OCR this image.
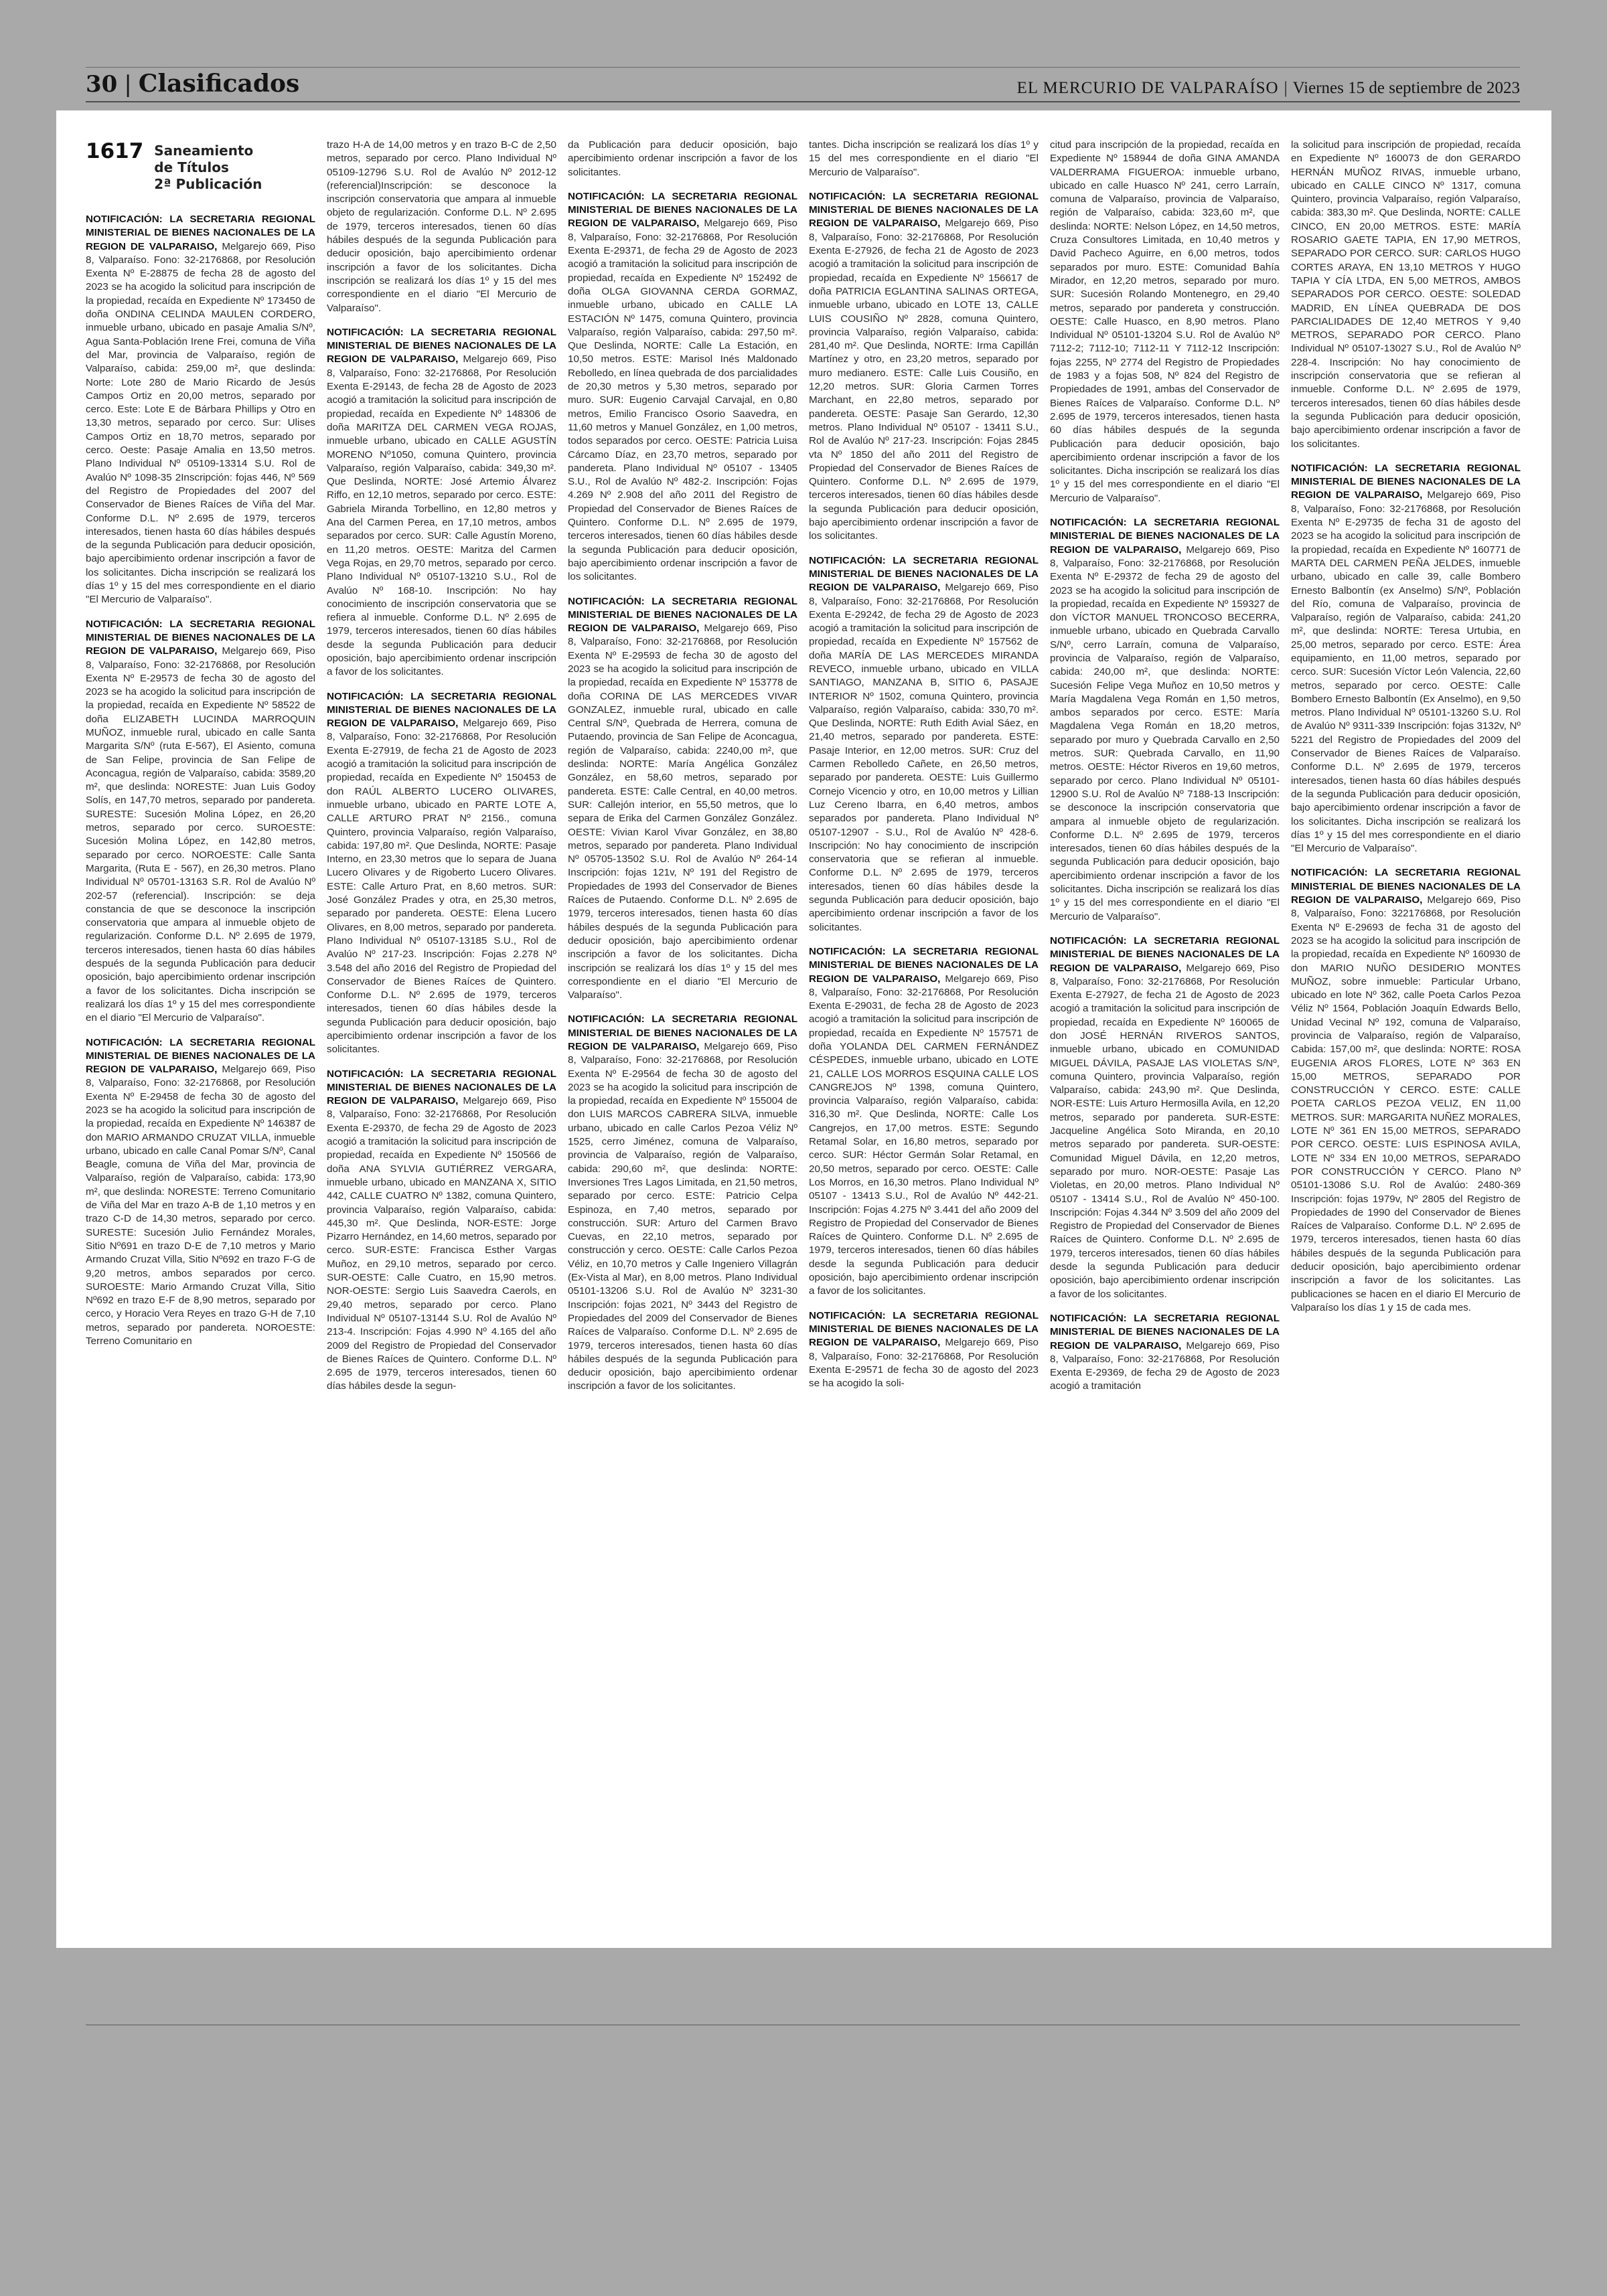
30 | Clasificados	EL MERCURIO DE VALPARAÍSO | Viernes 15 de septiembre de 2023
1617 Saneamiento
de Títulos
2ª Publicación

NOTIFICACIÓN: LA SECRETARIA REGIONAL MINISTERIAL DE BIENES NACIONALES DE LA REGION DE VALPARAISO, Melgarejo 669, Piso 8, Valparaíso. Fono: 32-2176868, por Resolución Exenta Nº E-28875 de fecha 28 de agosto del 2023 se ha acogido la solicitud para inscripción de la propiedad, recaída en Expediente Nº 173450 de doña ONDINA CELINDA MAULEN CORDERO, inmueble urbano, ubicado en pasaje Amalia S/Nº, Agua Santa-Población Irene Frei, comuna de Viña del Mar, provincia de Valparaíso, región de Valparaíso, cabida: 259,00 m², que deslinda: Norte: Lote 280 de Mario Ricardo de Jesús Campos Ortiz en 20,00 metros, separado por cerco. Este: Lote E de Bárbara Phillips y Otro en 13,30 metros, separado por cerco. Sur: Ulises Campos Ortiz en 18,70 metros, separado por cerco. Oeste: Pasaje Amalia en 13,50 metros. Plano Individual Nº 05109-13314 S.U. Rol de Avalúo Nº 1098-35 2Inscripción: fojas 446, Nº 569 del Registro de Propiedades del 2007 del Conservador de Bienes Raíces de Viña del Mar. Conforme D.L. Nº 2.695 de 1979, terceros interesados, tienen hasta 60 días hábiles después de la segunda Publicación para deducir oposición, bajo apercibimiento ordenar inscripción a favor de los solicitantes. Dicha inscripción se realizará los días 1º y 15 del mes correspondiente en el diario "El Mercurio de Valparaíso".

NOTIFICACIÓN: LA SECRETARIA REGIONAL MINISTERIAL DE BIENES NACIONALES DE LA REGION DE VALPARAISO, Melgarejo 669, Piso 8, Valparaíso, Fono: 32-2176868, por Resolución Exenta Nº E-29573 de fecha 30 de agosto del 2023 se ha acogido la solicitud para inscripción de la propiedad, recaída en Expediente Nº 58522 de doña ELIZABETH LUCINDA MARROQUIN MUÑOZ, inmueble rural, ubicado en calle Santa Margarita S/Nº (ruta E-567), El Asiento, comuna de San Felipe, provincia de San Felipe de Aconcagua, región de Valparaíso, cabida: 3589,20 m², que deslinda: NORESTE: Juan Luis Godoy Solís, en 147,70 metros, separado por pandereta. SURESTE: Sucesión Molina López, en 26,20 metros, separado por cerco. SUROESTE: Sucesión Molina López, en 142,80 metros, separado por cerco. NOROESTE: Calle Santa Margarita, (Ruta E - 567), en 26,30 metros. Plano Individual Nº 05701-13163 S.R. Rol de Avalúo Nº 202-57 (referencial). Inscripción: se deja constancia de que se desconoce la inscripción conservatoria que ampara al inmueble objeto de regularización. Conforme D.L. Nº 2.695 de 1979, terceros interesados, tienen hasta 60 días hábiles después de la segunda Publicación para deducir oposición, bajo apercibimiento ordenar inscripción a favor de los solicitantes. Dicha inscripción se realizará los días 1º y 15 del mes correspondiente en el diario "El Mercurio de Valparaíso".

NOTIFICACIÓN: LA SECRETARIA REGIONAL MINISTERIAL DE BIENES NACIONALES DE LA REGION DE VALPARAISO, Melgarejo 669, Piso 8, Valparaíso, Fono: 32-2176868, por Resolución Exenta Nº E-29458 de fecha 30 de agosto del 2023 se ha acogido la solicitud para inscripción de la propiedad, recaída en Expediente Nº 146387 de don MARIO ARMANDO CRUZAT VILLA, inmueble urbano, ubicado en calle Canal Pomar S/Nº, Canal Beagle, comuna de Viña del Mar, provincia de Valparaíso, región de Valparaíso, cabida: 173,90 m², que deslinda: NORESTE: Terreno Comunitario de Viña del Mar en trazo A-B de 1,10 metros y en trazo C-D de 14,30 metros, separado por cerco. SURESTE: Sucesión Julio Fernández Morales, Sitio Nº691 en trazo D-E de 7,10 metros y Mario Armando Cruzat Villa, Sitio Nº692 en trazo F-G de 9,20 metros, ambos separados por cerco. SUROESTE: Mario Armando Cruzat Villa, Sitio Nº692 en trazo E-F de 8,90 metros, separado por cerco, y Horacio Vera Reyes en trazo G-H de 7,10 metros, separado por pandereta. NOROESTE: Terreno Comunitario en

trazo H-A de 14,00 metros y en trazo B-C de 2,50 metros, separado por cerco. Plano Individual Nº 05109-12796 S.U. Rol de Avalúo Nº 2012-12 (referencial)Inscripción: se desconoce la inscripción conservatoria que ampara al inmueble objeto de regularización. Conforme D.L. Nº 2.695 de 1979, terceros interesados, tienen 60 días hábiles después de la segunda Publicación para deducir oposición, bajo apercibimiento ordenar inscripción a favor de los solicitantes. Dicha inscripción se realizará los días 1º y 15 del mes correspondiente en el diario "El Mercurio de Valparaíso".

NOTIFICACIÓN: LA SECRETARIA REGIONAL MINISTERIAL DE BIENES NACIONALES DE LA REGION DE VALPARAISO, Melgarejo 669, Piso 8, Valparaíso, Fono: 32-2176868, Por Resolución Exenta E-29143, de fecha 28 de Agosto de 2023 acogió a tramitación la solicitud para inscripción de propiedad, recaída en Expediente Nº 148306 de doña MARITZA DEL CARMEN VEGA ROJAS, inmueble urbano, ubicado en CALLE AGUSTÍN MORENO Nº1050, comuna Quintero, provincia Valparaíso, región Valparaíso, cabida: 349,30 m². Que Deslinda, NORTE: José Artemio Álvarez Riffo, en 12,10 metros, separado por cerco. ESTE: Gabriela Miranda Torbellino, en 12,80 metros y Ana del Carmen Perea, en 17,10 metros, ambos separados por cerco. SUR: Calle Agustín Moreno, en 11,20 metros. OESTE: Maritza del Carmen Vega Rojas, en 29,70 metros, separado por cerco. Plano Individual Nº 05107-13210 S.U., Rol de Avalúo Nº 168-10. Inscripción: No hay conocimiento de inscripción conservatoria que se refiera al inmueble. Conforme D.L. Nº 2.695 de 1979, terceros interesados, tienen 60 días hábiles desde la segunda Publicación para deducir oposición, bajo apercibimiento ordenar inscripción a favor de los solicitantes.

NOTIFICACIÓN: LA SECRETARIA REGIONAL MINISTERIAL DE BIENES NACIONALES DE LA REGION DE VALPARAISO, Melgarejo 669, Piso 8, Valparaíso, Fono: 32-2176868, Por Resolución Exenta E-27919, de fecha 21 de Agosto de 2023 acogió a tramitación la solicitud para inscripción de propiedad, recaída en Expediente Nº 150453 de don RAÚL ALBERTO LUCERO OLIVARES, inmueble urbano, ubicado en PARTE LOTE A, CALLE ARTURO PRAT Nº 2156., comuna Quintero, provincia Valparaíso, región Valparaíso, cabida: 197,80 m². Que Deslinda, NORTE: Pasaje Interno, en 23,30 metros que lo separa de Juana Lucero Olivares y de Rigoberto Lucero Olivares. ESTE: Calle Arturo Prat, en 8,60 metros. SUR: José González Prades y otra, en 25,30 metros, separado por pandereta. OESTE: Elena Lucero Olivares, en 8,00 metros, separado por pandereta. Plano Individual Nº 05107-13185 S.U., Rol de Avalúo Nº 217-23. Inscripción: Fojas 2.278 Nº 3.548 del año 2016 del Registro de Propiedad del Conservador de Bienes Raíces de Quintero. Conforme D.L. Nº 2.695 de 1979, terceros interesados, tienen 60 días hábiles desde la segunda Publicación para deducir oposición, bajo apercibimiento ordenar inscripción a favor de los solicitantes.

NOTIFICACIÓN: LA SECRETARIA REGIONAL MINISTERIAL DE BIENES NACIONALES DE LA REGION DE VALPARAISO, Melgarejo 669, Piso 8, Valparaíso, Fono: 32-2176868, Por Resolución Exenta E-29370, de fecha 29 de Agosto de 2023 acogió a tramitación la solicitud para inscripción de propiedad, recaída en Expediente Nº 150566 de doña ANA SYLVIA GUTIÉRREZ VERGARA, inmueble urbano, ubicado en MANZANA X, SITIO 442, CALLE CUATRO Nº 1382, comuna Quintero, provincia Valparaíso, región Valparaíso, cabida: 445,30 m². Que Deslinda, NOR-ESTE: Jorge Pizarro Hernández, en 14,60 metros, separado por cerco. SUR-ESTE: Francisca Esther Vargas Muñoz, en 29,10 metros, separado por cerco. SUR-OESTE: Calle Cuatro, en 15,90 metros. NOR-OESTE: Sergio Luis Saavedra Caerols, en 29,40 metros, separado por cerco. Plano Individual Nº 05107-13144 S.U. Rol de Avalúo Nº 213-4. Inscripción: Fojas 4.990 Nº 4.165 del año 2009 del Registro de Propiedad del Conservador de Bienes Raíces de Quintero. Conforme D.L. Nº 2.695 de 1979, terceros interesados, tienen 60 días hábiles desde la segun-

da Publicación para deducir oposición, bajo apercibimiento ordenar inscripción a favor de los solicitantes.

NOTIFICACIÓN: LA SECRETARIA REGIONAL MINISTERIAL DE BIENES NACIONALES DE LA REGION DE VALPARAISO, Melgarejo 669, Piso 8, Valparaíso, Fono: 32-2176868, Por Resolución Exenta E-29371, de fecha 29 de Agosto de 2023 acogió a tramitación la solicitud para inscripción de propiedad, recaída en Expediente Nº 152492 de doña OLGA GIOVANNA CERDA GORMAZ, inmueble urbano, ubicado en CALLE LA ESTACIÓN Nº 1475, comuna Quintero, provincia Valparaíso, región Valparaíso, cabida: 297,50 m². Que Deslinda, NORTE: Calle La Estación, en 10,50 metros. ESTE: Marisol Inés Maldonado Rebolledo, en línea quebrada de dos parcialidades de 20,30 metros y 5,30 metros, separado por muro. SUR: Eugenio Carvajal Carvajal, en 0,80 metros, Emilio Francisco Osorio Saavedra, en 11,60 metros y Manuel González, en 1,00 metros, todos separados por cerco. OESTE: Patricia Luisa Cárcamo Díaz, en 23,70 metros, separado por pandereta. Plano Individual Nº 05107 - 13405 S.U., Rol de Avalúo Nº 482-2. Inscripción: Fojas 4.269 Nº 2.908 del año 2011 del Registro de Propiedad del Conservador de Bienes Raíces de Quintero. Conforme D.L. Nº 2.695 de 1979, terceros interesados, tienen 60 días hábiles desde la segunda Publicación para deducir oposición, bajo apercibimiento ordenar inscripción a favor de los solicitantes.

NOTIFICACIÓN: LA SECRETARIA REGIONAL MINISTERIAL DE BIENES NACIONALES DE LA REGION DE VALPARAISO, Melgarejo 669, Piso 8, Valparaíso, Fono: 32-2176868, por Resolución Exenta Nº E-29593 de fecha 30 de agosto del 2023 se ha acogido la solicitud para inscripción de la propiedad, recaída en Expediente Nº 153778 de doña CORINA DE LAS MERCEDES VIVAR GONZALEZ, inmueble rural, ubicado en calle Central S/Nº, Quebrada de Herrera, comuna de Putaendo, provincia de San Felipe de Aconcagua, región de Valparaíso, cabida: 2240,00 m², que deslinda: NORTE: María Angélica González González, en 58,60 metros, separado por pandereta. ESTE: Calle Central, en 40,00 metros. SUR: Callejón interior, en 55,50 metros, que lo separa de Erika del Carmen González González. OESTE: Vivian Karol Vivar González, en 38,80 metros, separado por pandereta. Plano Individual Nº 05705-13502 S.U. Rol de Avalúo Nº 264-14 Inscripción: fojas 121v, Nº 191 del Registro de Propiedades de 1993 del Conservador de Bienes Raíces de Putaendo. Conforme D.L. Nº 2.695 de 1979, terceros interesados, tienen hasta 60 días hábiles después de la segunda Publicación para deducir oposición, bajo apercibimiento ordenar inscripción a favor de los solicitantes. Dicha inscripción se realizará los días 1º y 15 del mes correspondiente en el diario "El Mercurio de Valparaíso".

NOTIFICACIÓN: LA SECRETARIA REGIONAL MINISTERIAL DE BIENES NACIONALES DE LA REGION DE VALPARAISO, Melgarejo 669, Piso 8, Valparaíso, Fono: 32-2176868, por Resolución Exenta Nº E-29564 de fecha 30 de agosto del 2023 se ha acogido la solicitud para inscripción de la propiedad, recaída en Expediente Nº 155004 de don LUIS MARCOS CABRERA SILVA, inmueble urbano, ubicado en calle Carlos Pezoa Véliz Nº 1525, cerro Jiménez, comuna de Valparaíso, provincia de Valparaíso, región de Valparaíso, cabida: 290,60 m², que deslinda: NORTE: Inversiones Tres Lagos Limitada, en 21,50 metros, separado por cerco. ESTE: Patricio Celpa Espinoza, en 7,40 metros, separado por construcción. SUR: Arturo del Carmen Bravo Cuevas, en 22,10 metros, separado por construcción y cerco. OESTE: Calle Carlos Pezoa Véliz, en 10,70 metros y Calle Ingeniero Villagrán (Ex-Vista al Mar), en 8,00 metros. Plano Individual 05101-13206 S.U. Rol de Avalúo Nº 3231-30 Inscripción: fojas 2021, Nº 3443 del Registro de Propiedades del 2009 del Conservador de Bienes Raíces de Valparaíso. Conforme D.L. Nº 2.695 de 1979, terceros interesados, tienen hasta 60 días hábiles después de la segunda Publicación para deducir oposición, bajo apercibimiento ordenar inscripción a favor de los solicitantes.

tantes. Dicha inscripción se realizará los días 1º y 15 del mes correspondiente en el diario "El Mercurio de Valparaíso".

NOTIFICACIÓN: LA SECRETARIA REGIONAL MINISTERIAL DE BIENES NACIONALES DE LA REGION DE VALPARAISO, Melgarejo 669, Piso 8, Valparaíso, Fono: 32-2176868, Por Resolución Exenta E-27926, de fecha 21 de Agosto de 2023 acogió a tramitación la solicitud para inscripción de propiedad, recaída en Expediente Nº 156617 de doña PATRICIA EGLANTINA SALINAS ORTEGA, inmueble urbano, ubicado en LOTE 13, CALLE LUIS COUSIÑO Nº 2828, comuna Quintero, provincia Valparaíso, región Valparaíso, cabida: 281,40 m². Que Deslinda, NORTE: Irma Capillán Martínez y otro, en 23,20 metros, separado por muro medianero. ESTE: Calle Luis Cousiño, en 12,20 metros. SUR: Gloria Carmen Torres Marchant, en 22,80 metros, separado por pandereta. OESTE: Pasaje San Gerardo, 12,30 metros. Plano Individual Nº 05107 - 13411 S.U., Rol de Avalúo Nº 217-23. Inscripción: Fojas 2845 vta Nº 1850 del año 2011 del Registro de Propiedad del Conservador de Bienes Raíces de Quintero. Conforme D.L. Nº 2.695 de 1979, terceros interesados, tienen 60 días hábiles desde la segunda Publicación para deducir oposición, bajo apercibimiento ordenar inscripción a favor de los solicitantes.

NOTIFICACIÓN: LA SECRETARIA REGIONAL MINISTERIAL DE BIENES NACIONALES DE LA REGION DE VALPARAISO, Melgarejo 669, Piso 8, Valparaíso, Fono: 32-2176868, Por Resolución Exenta E-29242, de fecha 29 de Agosto de 2023 acogió a tramitación la solicitud para inscripción de propiedad, recaída en Expediente Nº 157562 de doña MARÍA DE LAS MERCEDES MIRANDA REVECO, inmueble urbano, ubicado en VILLA SANTIAGO, MANZANA B, SITIO 6, PASAJE INTERIOR Nº 1502, comuna Quintero, provincia Valparaíso, región Valparaíso, cabida: 330,70 m². Que Deslinda, NORTE: Ruth Edith Avial Sáez, en 21,40 metros, separado por pandereta. ESTE: Pasaje Interior, en 12,00 metros. SUR: Cruz del Carmen Rebolledo Cañete, en 26,50 metros, separado por pandereta. OESTE: Luis Guillermo Cornejo Vicencio y otro, en 10,00 metros y Lillian Luz Cereno Ibarra, en 6,40 metros, ambos separados por pandereta. Plano Individual Nº 05107-12907 - S.U., Rol de Avalúo Nº 428-6. Inscripción: No hay conocimiento de inscripción conservatoria que se refieran al inmueble. Conforme D.L. Nº 2.695 de 1979, terceros interesados, tienen 60 días hábiles desde la segunda Publicación para deducir oposición, bajo apercibimiento ordenar inscripción a favor de los solicitantes.

NOTIFICACIÓN: LA SECRETARIA REGIONAL MINISTERIAL DE BIENES NACIONALES DE LA REGION DE VALPARAISO, Melgarejo 669, Piso 8, Valparaíso, Fono: 32-2176868, Por Resolución Exenta E-29031, de fecha 28 de Agosto de 2023 acogió a tramitación la solicitud para inscripción de propiedad, recaída en Expediente Nº 157571 de doña YOLANDA DEL CARMEN FERNÁNDEZ CÉSPEDES, inmueble urbano, ubicado en LOTE 21, CALLE LOS MORROS ESQUINA CALLE LOS CANGREJOS Nº 1398, comuna Quintero, provincia Valparaíso, región Valparaíso, cabida: 316,30 m². Que Deslinda, NORTE: Calle Los Cangrejos, en 17,00 metros. ESTE: Segundo Retamal Solar, en 16,80 metros, separado por cerco. SUR: Héctor Germán Solar Retamal, en 20,50 metros, separado por cerco. OESTE: Calle Los Morros, en 16,30 metros. Plano Individual Nº 05107 - 13413 S.U., Rol de Avalúo Nº 442-21. Inscripción: Fojas 4.275 Nº 3.441 del año 2009 del Registro de Propiedad del Conservador de Bienes Raíces de Quintero. Conforme D.L. Nº 2.695 de 1979, terceros interesados, tienen 60 días hábiles desde la segunda Publicación para deducir oposición, bajo apercibimiento ordenar inscripción a favor de los solicitantes.

NOTIFICACIÓN: LA SECRETARIA REGIONAL MINISTERIAL DE BIENES NACIONALES DE LA REGION DE VALPARAISO, Melgarejo 669, Piso 8, Valparaíso, Fono: 32-2176868, Por Resolución Exenta E-29571 de fecha 30 de agosto del 2023 se ha acogido la soli-

citud para inscripción de la propiedad, recaída en Expediente Nº 158944 de doña GINA AMANDA VALDERRAMA FIGUEROA: inmueble urbano, ubicado en calle Huasco Nº 241, cerro Larraín, comuna de Valparaíso, provincia de Valparaíso, región de Valparaíso, cabida: 323,60 m², que deslinda: NORTE: Nelson López, en 14,50 metros, Cruza Consultores Limitada, en 10,40 metros y David Pacheco Aguirre, en 6,00 metros, todos separados por muro. ESTE: Comunidad Bahía Mirador, en 12,20 metros, separado por muro. SUR: Sucesión Rolando Montenegro, en 29,40 metros, separado por pandereta y construcción. OESTE: Calle Huasco, en 8,90 metros. Plano Individual Nº 05101-13204 S.U. Rol de Avalúo Nº 7112-2; 7112-10; 7112-11 Y 7112-12 Inscripción: fojas 2255, Nº 2774 del Registro de Propiedades de 1983 y a fojas 508, Nº 824 del Registro de Propiedades de 1991, ambas del Conservador de Bienes Raíces de Valparaíso. Conforme D.L. Nº 2.695 de 1979, terceros interesados, tienen hasta 60 días hábiles después de la segunda Publicación para deducir oposición, bajo apercibimiento ordenar inscripción a favor de los solicitantes. Dicha inscripción se realizará los días 1º y 15 del mes correspondiente en el diario "El Mercurio de Valparaíso".

NOTIFICACIÓN: LA SECRETARIA REGIONAL MINISTERIAL DE BIENES NACIONALES DE LA REGION DE VALPARAISO, Melgarejo 669, Piso 8, Valparaíso, Fono: 32-2176868, por Resolución Exenta Nº E-29372 de fecha 29 de agosto del 2023 se ha acogido la solicitud para inscripción de la propiedad, recaída en Expediente Nº 159327 de don VÍCTOR MANUEL TRONCOSO BECERRA, inmueble urbano, ubicado en Quebrada Carvallo S/Nº, cerro Larraín, comuna de Valparaíso, provincia de Valparaíso, región de Valparaíso, cabida: 240,00 m², que deslinda: NORTE: Sucesión Felipe Vega Muñoz en 10,50 metros y María Magdalena Vega Román en 1,50 metros, ambos separados por cerco. ESTE: María Magdalena Vega Román en 18,20 metros, separado por muro y Quebrada Carvallo en 2,50 metros. SUR: Quebrada Carvallo, en 11,90 metros. OESTE: Héctor Riveros en 19,60 metros, separado por cerco. Plano Individual Nº 05101-12900 S.U. Rol de Avalúo Nº 7188-13 Inscripción: se desconoce la inscripción conservatoria que ampara al inmueble objeto de regularización. Conforme D.L. Nº 2.695 de 1979, terceros interesados, tienen 60 días hábiles después de la segunda Publicación para deducir oposición, bajo apercibimiento ordenar inscripción a favor de los solicitantes. Dicha inscripción se realizará los días 1º y 15 del mes correspondiente en el diario "El Mercurio de Valparaíso".

NOTIFICACIÓN: LA SECRETARIA REGIONAL MINISTERIAL DE BIENES NACIONALES DE LA REGION DE VALPARAISO, Melgarejo 669, Piso 8, Valparaíso, Fono: 32-2176868, Por Resolución Exenta E-27927, de fecha 21 de Agosto de 2023 acogió a tramitación la solicitud para inscripción de propiedad, recaída en Expediente Nº 160065 de don JOSÉ HERNÁN RIVEROS SANTOS, inmueble urbano, ubicado en COMUNIDAD MIGUEL DÁVILA, PASAJE LAS VIOLETAS S/Nº, comuna Quintero, provincia Valparaíso, región Valparaíso, cabida: 243,90 m². Que Deslinda, NOR-ESTE: Luis Arturo Hermosilla Avila, en 12,20 metros, separado por pandereta. SUR-ESTE: Jacqueline Angélica Soto Miranda, en 20,10 metros separado por pandereta. SUR-OESTE: Comunidad Miguel Dávila, en 12,20 metros, separado por muro. NOR-OESTE: Pasaje Las Violetas, en 20,00 metros. Plano Individual Nº 05107 - 13414 S.U., Rol de Avalúo Nº 450-100. Inscripción: Fojas 4.344 Nº 3.509 del año 2009 del Registro de Propiedad del Conservador de Bienes Raíces de Quintero. Conforme D.L. Nº 2.695 de 1979, terceros interesados, tienen 60 días hábiles desde la segunda Publicación para deducir oposición, bajo apercibimiento ordenar inscripción a favor de los solicitantes.

NOTIFICACIÓN: LA SECRETARIA REGIONAL MINISTERIAL DE BIENES NACIONALES DE LA REGION DE VALPARAISO, Melgarejo 669, Piso 8, Valparaíso, Fono: 32-2176868, Por Resolución Exenta E-29369, de fecha 29 de Agosto de 2023 acogió a tramitación

la solicitud para inscripción de propiedad, recaída en Expediente Nº 160073 de don GERARDO HERNÁN MUÑOZ RIVAS, inmueble urbano, ubicado en CALLE CINCO Nº 1317, comuna Quintero, provincia Valparaíso, región Valparaíso, cabida: 383,30 m². Que Deslinda, NORTE: CALLE CINCO, EN 20,00 METROS. ESTE: MARÍA ROSARIO GAETE TAPIA, EN 17,90 METROS, SEPARADO POR CERCO. SUR: CARLOS HUGO CORTES ARAYA, EN 13,10 METROS Y HUGO TAPIA Y CÍA LTDA, EN 5,00 METROS, AMBOS SEPARADOS POR CERCO. OESTE: SOLEDAD MADRID, EN LÍNEA QUEBRADA DE DOS PARCIALIDADES DE 12,40 METROS Y 9,40 METROS, SEPARADO POR CERCO. Plano Individual Nº 05107-13027 S.U., Rol de Avalúo Nº 228-4. Inscripción: No hay conocimiento de inscripción conservatoria que se refieran al inmueble. Conforme D.L. Nº 2.695 de 1979, terceros interesados, tienen 60 días hábiles desde la segunda Publicación para deducir oposición, bajo apercibimiento ordenar inscripción a favor de los solicitantes.

NOTIFICACIÓN: LA SECRETARIA REGIONAL MINISTERIAL DE BIENES NACIONALES DE LA REGION DE VALPARAISO, Melgarejo 669, Piso 8, Valparaíso, Fono: 32-2176868, por Resolución Exenta Nº E-29735 de fecha 31 de agosto del 2023 se ha acogido la solicitud para inscripción de la propiedad, recaída en Expediente Nº 160771 de MARTA DEL CARMEN PEÑA JELDES, inmueble urbano, ubicado en calle 39, calle Bombero Ernesto Balbontín (ex Anselmo) S/Nº, Población del Río, comuna de Valparaíso, provincia de Valparaíso, región de Valparaíso, cabida: 241,20 m², que deslinda: NORTE: Teresa Urtubia, en 25,00 metros, separado por cerco. ESTE: Área equipamiento, en 11,00 metros, separado por cerco. SUR: Sucesión Víctor León Valencia, 22,60 metros, separado por cerco. OESTE: Calle Bombero Ernesto Balbontín (Ex Anselmo), en 9,50 metros. Plano Individual Nº 05101-13260 S.U. Rol de Avalúo Nº 9311-339 Inscripción: fojas 3132v, Nº 5221 del Registro de Propiedades del 2009 del Conservador de Bienes Raíces de Valparaíso. Conforme D.L. Nº 2.695 de 1979, terceros interesados, tienen hasta 60 días hábiles después de la segunda Publicación para deducir oposición, bajo apercibimiento ordenar inscripción a favor de los solicitantes. Dicha inscripción se realizará los días 1º y 15 del mes correspondiente en el diario "El Mercurio de Valparaíso".

NOTIFICACIÓN: LA SECRETARIA REGIONAL MINISTERIAL DE BIENES NACIONALES DE LA REGION DE VALPARAISO, Melgarejo 669, Piso 8, Valparaíso, Fono: 322176868, por Resolución Exenta Nº E-29693 de fecha 31 de agosto del 2023 se ha acogido la solicitud para inscripción de la propiedad, recaída en Expediente Nº 160930 de don MARIO NUÑO DESIDERIO MONTES MUÑOZ, sobre inmueble: Particular Urbano, ubicado en lote Nº 362, calle Poeta Carlos Pezoa Véliz Nº 1564, Población Joaquín Edwards Bello, Unidad Vecinal Nº 192, comuna de Valparaíso, provincia de Valparaíso, región de Valparaíso, Cabida: 157,00 m², que deslinda: NORTE: ROSA EUGENIA AROS FLORES, LOTE Nº 363 EN 15,00 METROS, SEPARADO POR CONSTRUCCIÓN Y CERCO. ESTE: CALLE POETA CARLOS PEZOA VELIZ, EN 11,00 METROS. SUR: MARGARITA NUÑEZ MORALES, LOTE Nº 361 EN 15,00 METROS, SEPARADO POR CERCO. OESTE: LUIS ESPINOSA AVILA, LOTE Nº 334 EN 10,00 METROS, SEPARADO POR CONSTRUCCIÓN Y CERCO. Plano Nº 05101-13086 S.U. Rol de Avalúo: 2480-369 Inscripción: fojas 1979v, Nº 2805 del Registro de Propiedades de 1990 del Conservador de Bienes Raíces de Valparaíso. Conforme D.L. Nº 2.695 de 1979, terceros interesados, tienen hasta 60 días hábiles después de la segunda Publicación para deducir oposición, bajo apercibimiento ordenar inscripción a favor de los solicitantes. Las publicaciones se hacen en el diario El Mercurio de Valparaíso los días 1 y 15 de cada mes.
